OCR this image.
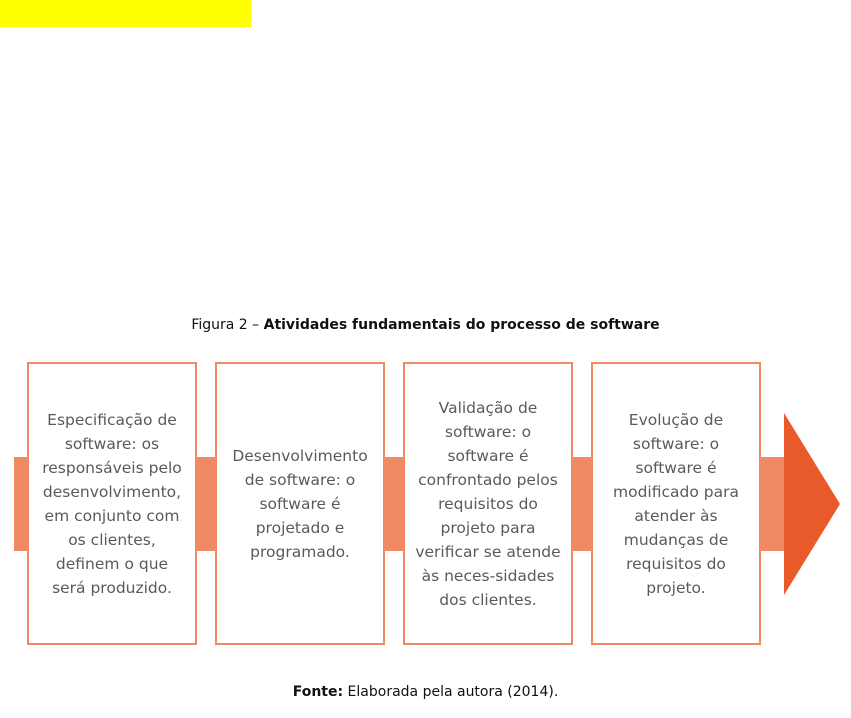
Figura 2 – Atividades fundamentais do processo de software
Especificação de software: os responsáveis pelo desenvolvimento, em conjunto com os clientes, definem o que será produzido.
Desenvolvimento de software: o software é projetado e programado.
Validação de software: o software é confrontado pelos requisitos do projeto para verificar se atende às neces-sidades dos clientes.
Evolução de software: o software é modificado para atender às mudanças de requisitos do projeto.
Fonte: Elaborada pela autora (2014).
